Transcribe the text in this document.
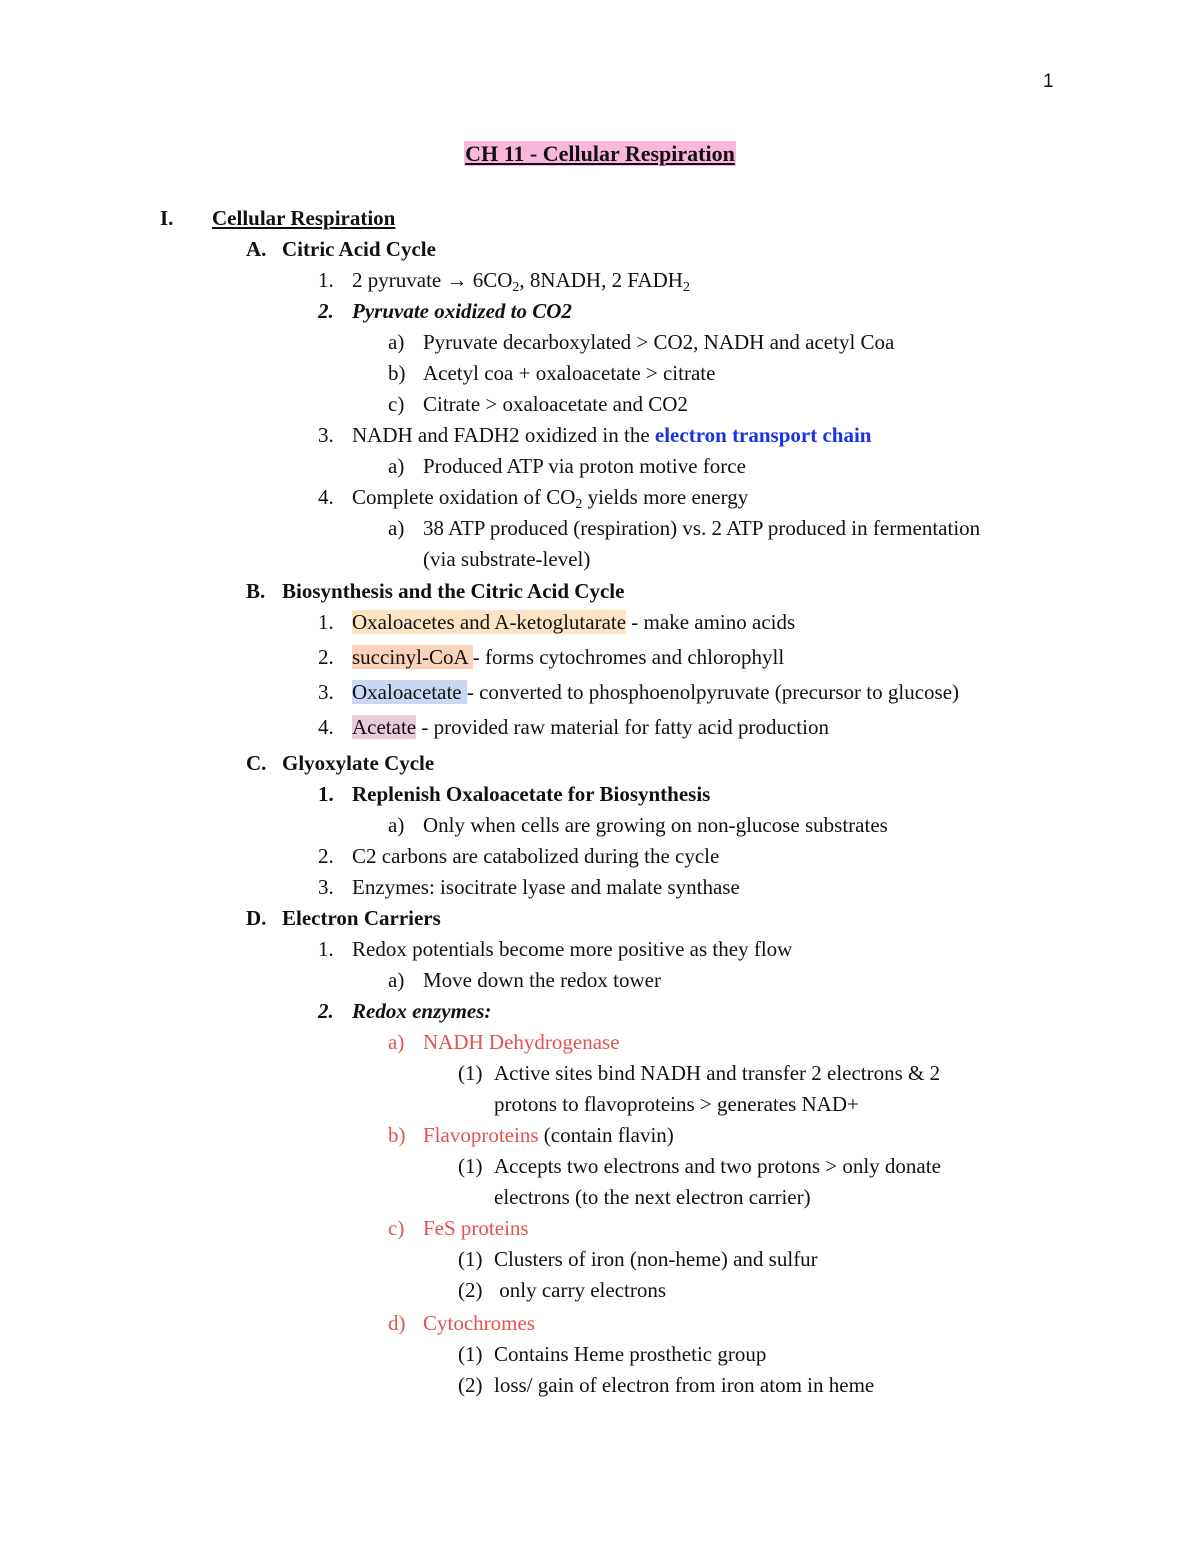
1
CH 11 - Cellular Respiration
I. Cellular Respiration
A. Citric Acid Cycle
1. 2 pyruvate → $6CO_2$, 8NADH, 2 $FADH_2$
2. Pyruvate oxidized to CO2
a) Pyruvate decarboxylated > CO2, NADH and acetyl Coa
b) Acetyl coa + oxaloacetate > citrate
c) Citrate > oxaloacetate and CO2
3. NADH and FADH2 oxidized in the electron transport chain
a) Produced ATP via proton motive force
4. Complete oxidation of $CO_2$ yields more energy
a) 38 ATP produced (respiration) vs. 2 ATP produced in fermentation
(via substrate-level)
B. Biosynthesis and the Citric Acid Cycle
1. Oxaloacetes and A-ketoglutarate - make amino acids
2. succinyl-CoA - forms cytochromes and chlorophyll
3. Oxaloacetate - converted to phosphoenolpyruvate (precursor to glucose)
4. Acetate - provided raw material for fatty acid production
C. Glyoxylate Cycle
1. Replenish Oxaloacetate for Biosynthesis
a) Only when cells are growing on non-glucose substrates
2. C2 carbons are catabolized during the cycle
3. Enzymes: isocitrate lyase and malate synthase
D. Electron Carriers
1. Redox potentials become more positive as they flow
a) Move down the redox tower
2. Redox enzymes:
a) NADH Dehydrogenase
(1) Active sites bind NADH and transfer 2 electrons & 2
protons to flavoproteins > generates NAD+
b) Flavoproteins (contain flavin)
(1) Accepts two electrons and two protons > only donate
electrons (to the next electron carrier)
c) FeS proteins
(1) Clusters of iron (non-heme) and sulfur
(2) only carry electrons
d) Cytochromes
(1) Contains Heme prosthetic group
(2) loss/ gain of electron from iron atom in heme
